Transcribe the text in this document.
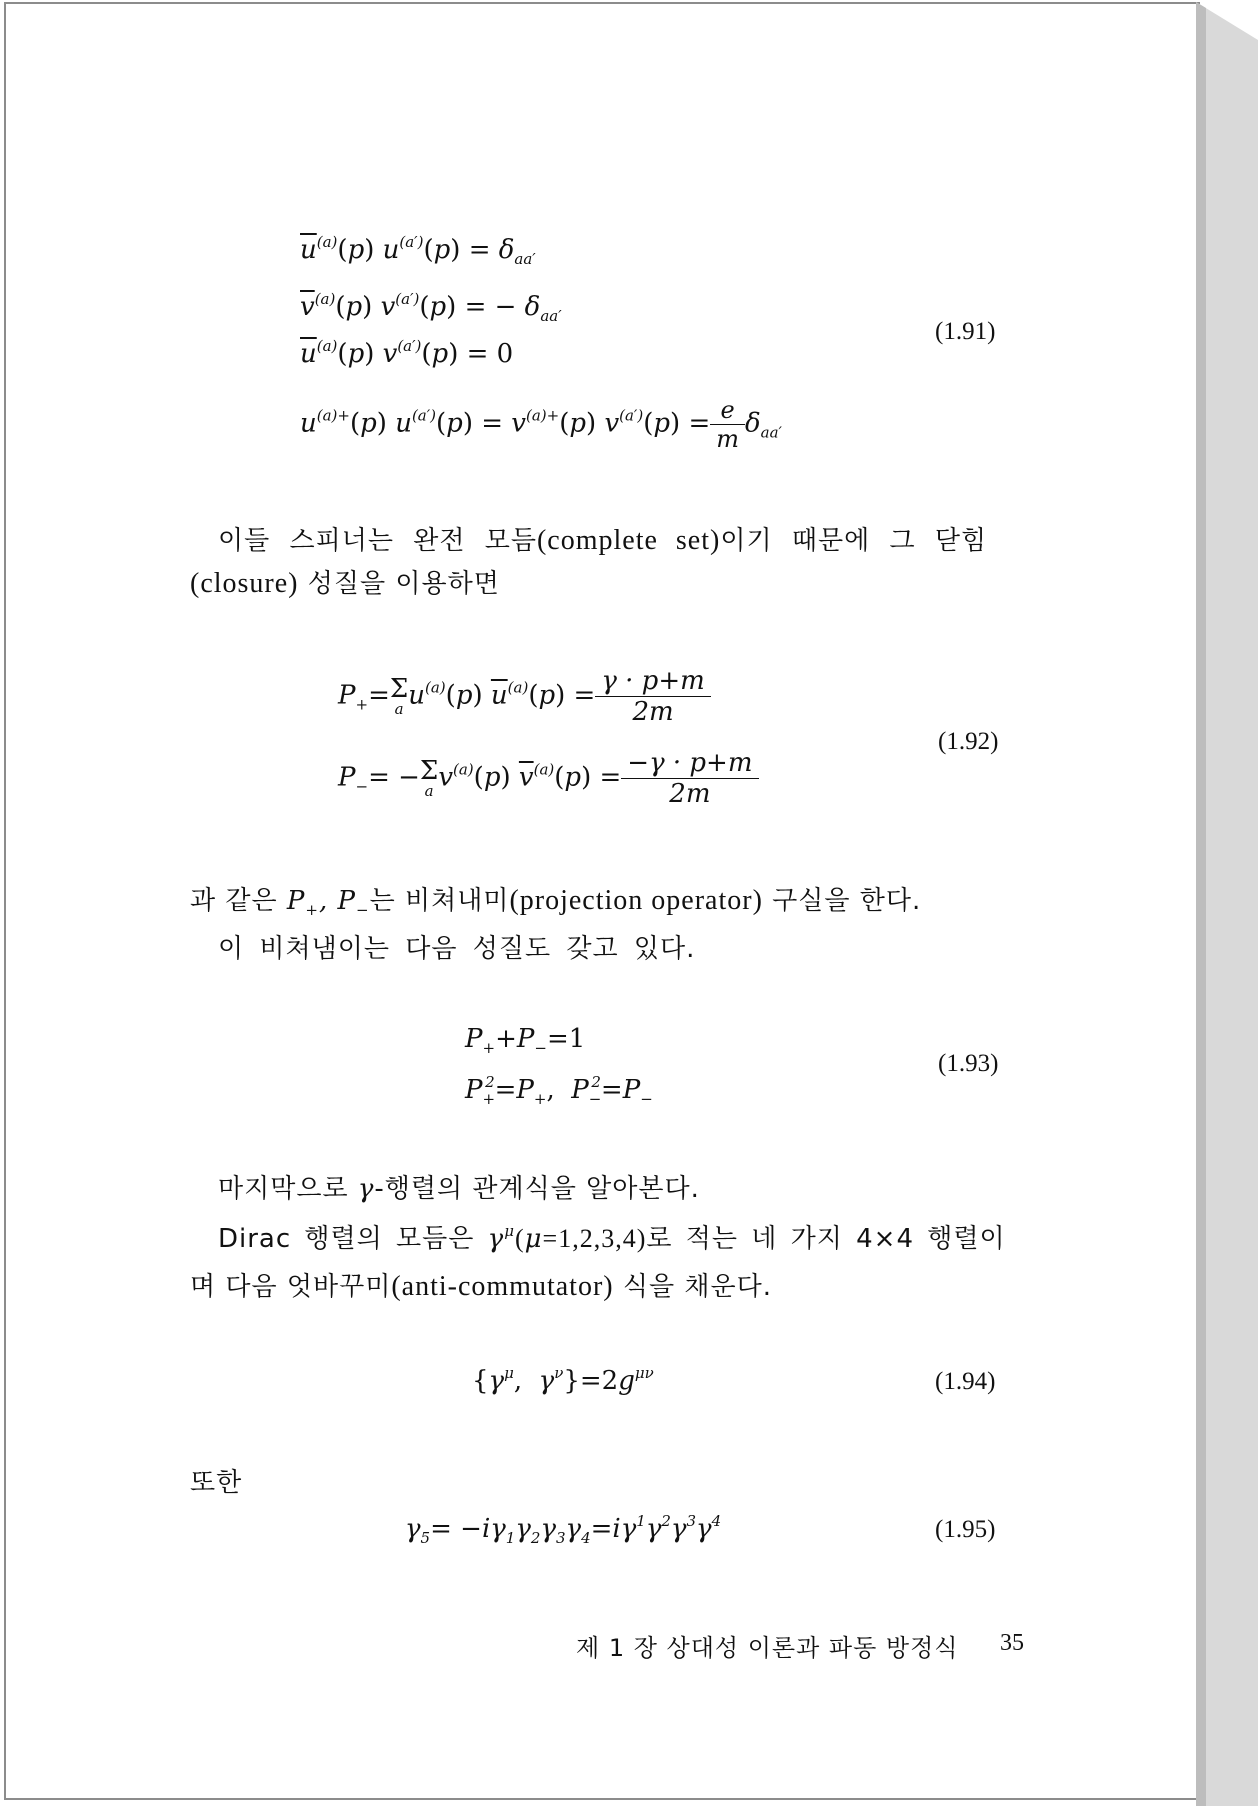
$\overline{u}^{(a)}(p) u^{(a')}(p) = \delta_{aa'}$
$\overline{v}^{(a)}(p) v^{(a')}(p)$ = − $\delta_{aa'}$
$\overline{u}^{(a)}(p) v^{(a')}(p) = 0$
$u^{(a)+}(p) u^{(a')}(p) = v^{(a)+}(p) v^{(a')}(p) = \frac{e}{m} \delta_{aa'}$
(1.91)
이들 스피너는 완전 모듬(complete set)이기 때문에 그 닫힘
(closure) 성질을 이용하면
$P_+=\Sigma$
a $u^{(a)}(p) \overline{u}^{(a)}(p) = \frac{\gamma \cdot p+m}{2m}$
$P_-= -\Sigma$
a $v^{(a)}(p) \overline{v}^{(a)}(p) = \frac{-\gamma \cdot p+m}{2m}$
(1.92)
과 같은 $P_+$, $P_-$는 비쳐내미(projection operator) 구실을 한다.
이 비쳐냄이는 다음 성질도 갖고 있다.
$P_++P_-=1$
$P_+^2=P_+$,  $P_-^2=P_-$
(1.93)
마지막으로 γ-행렬의 관계식을 알아본다.
Dirac 행렬의 모듬은 $\gamma^\mu(\mu=1,2,3,4)$로 적는 네 가지 4×4 행렬이
며 다음 엇바꾸미(anti-commutator) 식을 채운다.
{$\gamma^\mu$,  $\gamma^\nu\}=2g^{\mu\nu}$	(1.94)
또한
$\gamma_5= -i\gamma_1\gamma_2\gamma_3\gamma_4=i\gamma^1\gamma^2\gamma^3\gamma^4$	(1.95)
제 1 장 상대성 이론과 파동 방정식 35
